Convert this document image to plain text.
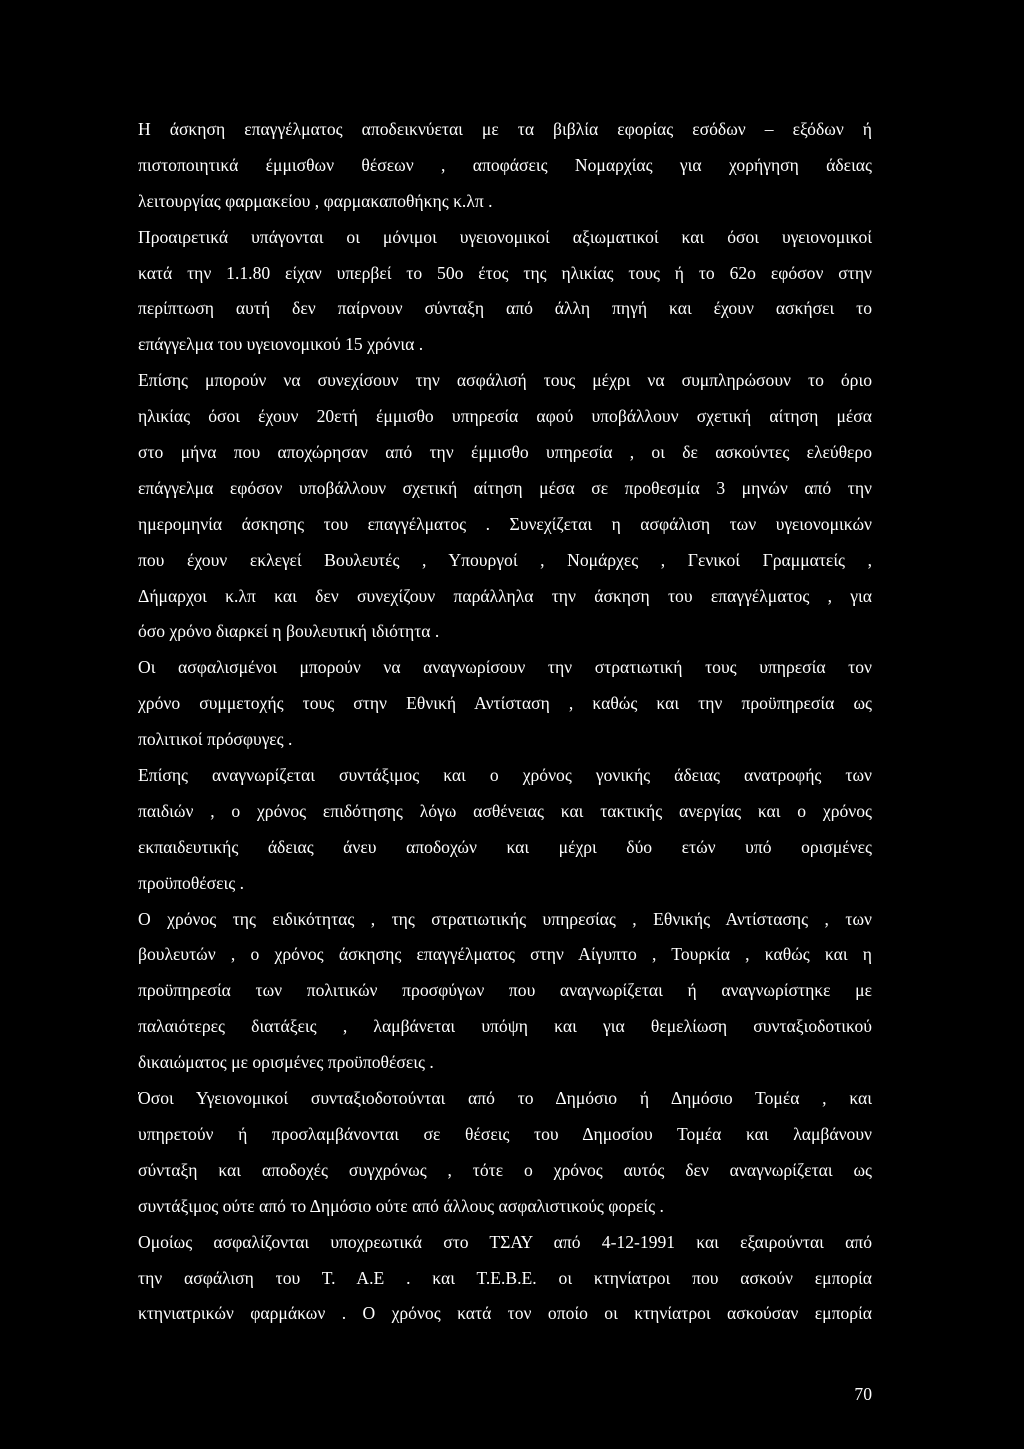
Η άσκηση επαγγέλματος αποδεικνύεται με τα βιβλία εφορίας εσόδων – εξόδων ή
πιστοποιητικά έμμισθων θέσεων , αποφάσεις Νομαρχίας για χορήγηση άδειας
λειτουργίας φαρμακείου , φαρμακαποθήκης κ.λπ .
Προαιρετικά υπάγονται οι μόνιμοι υγειονομικοί αξιωματικοί και όσοι υγειονομικοί
κατά την 1.1.80 είχαν υπερβεί το 50ο έτος της ηλικίας τους ή το 62ο εφόσον στην
περίπτωση αυτή δεν παίρνουν σύνταξη από άλλη πηγή και έχουν ασκήσει το
επάγγελμα του υγειονομικού 15 χρόνια .
Επίσης μπορούν να συνεχίσουν την ασφάλισή τους μέχρι να συμπληρώσουν το όριο
ηλικίας όσοι έχουν 20ετή έμμισθο υπηρεσία αφού υποβάλλουν σχετική αίτηση μέσα
στο μήνα που αποχώρησαν από την έμμισθο υπηρεσία , οι δε ασκούντες ελεύθερο
επάγγελμα εφόσον υποβάλλουν σχετική αίτηση μέσα σε προθεσμία 3 μηνών από την
ημερομηνία άσκησης του επαγγέλματος . Συνεχίζεται η ασφάλιση των υγειονομικών
που έχουν εκλεγεί Βουλευτές , Υπουργοί , Νομάρχες , Γενικοί Γραμματείς ,
Δήμαρχοι κ.λπ και δεν συνεχίζουν παράλληλα την άσκηση του επαγγέλματος , για
όσο χρόνο διαρκεί η βουλευτική ιδιότητα .
Οι ασφαλισμένοι μπορούν να αναγνωρίσουν την στρατιωτική τους υπηρεσία τον
χρόνο συμμετοχής τους στην Εθνική Αντίσταση , καθώς και την προϋπηρεσία ως
πολιτικοί πρόσφυγες .
Επίσης αναγνωρίζεται συντάξιμος και ο χρόνος γονικής άδειας ανατροφής των
παιδιών , ο χρόνος επιδότησης λόγω ασθένειας και τακτικής ανεργίας και ο χρόνος
εκπαιδευτικής άδειας άνευ αποδοχών και μέχρι δύο ετών υπό ορισμένες
προϋποθέσεις .
Ο χρόνος της ειδικότητας , της στρατιωτικής υπηρεσίας , Εθνικής Αντίστασης , των
βουλευτών , ο χρόνος άσκησης επαγγέλματος στην Αίγυπτο , Τουρκία , καθώς και η
προϋπηρεσία των πολιτικών προσφύγων που αναγνωρίζεται ή αναγνωρίστηκε με
παλαιότερες διατάξεις , λαμβάνεται υπόψη και για θεμελίωση συνταξιοδοτικού
δικαιώματος με ορισμένες προϋποθέσεις .
Όσοι Υγειονομικοί συνταξιοδοτούνται από το Δημόσιο ή Δημόσιο Τομέα , και
υπηρετούν ή προσλαμβάνονται σε θέσεις του Δημοσίου Τομέα και λαμβάνουν
σύνταξη και αποδοχές συγχρόνως , τότε ο χρόνος αυτός δεν αναγνωρίζεται ως
συντάξιμος ούτε από το Δημόσιο ούτε από άλλους ασφαλιστικούς φορείς .
Ομοίως ασφαλίζονται υποχρεωτικά στο ΤΣΑΥ από 4-12-1991 και εξαιρούνται από
την ασφάλιση του Τ. Α.Ε . και Τ.Ε.Β.Ε. οι κτηνίατροι που ασκούν εμπορία
κτηνιατρικών φαρμάκων . Ο χρόνος κατά τον οποίο οι κτηνίατροι ασκούσαν εμπορία
70
